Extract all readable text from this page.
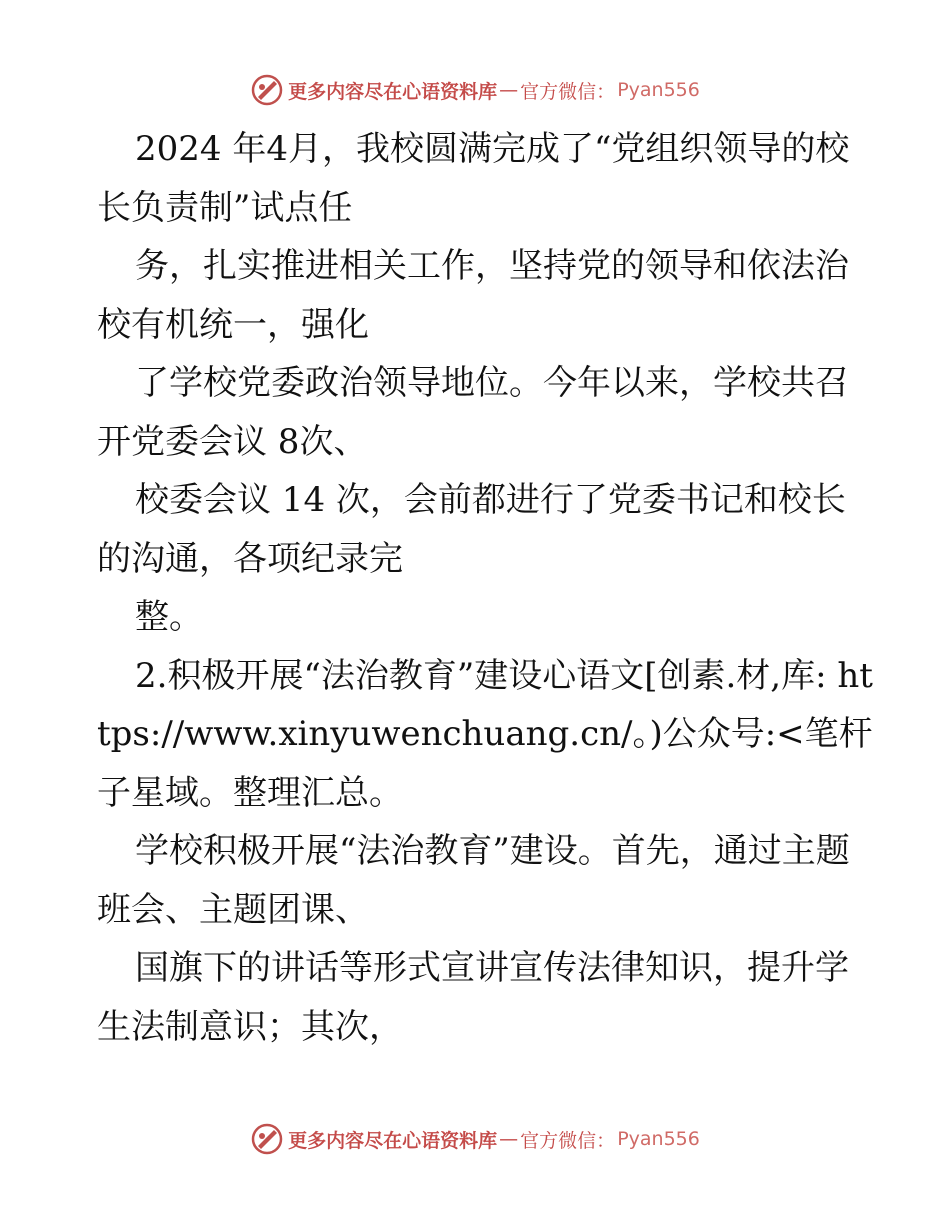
更多内容尽在心语资料库 — 官方微信： Pyan556

2024 年4月，我校圆满完成了“党组织领导的校长负责制”试点任

务，扎实推进相关工作，坚持党的领导和依法治校有机统一，强化

了学校党委政治领导地位。今年以来，学校共召开党委会议 8次、

校委会议 14 次，会前都进行了党委书记和校长的沟通，各项纪录完

整。

2.积极开展“法治教育”建设心语文[创素.材,库: https://www.xinyuwenchuang.cn/。)公众号:<笔杆子星域。整理汇总。

学校积极开展“法治教育”建设。首先，通过主题班会、主题团课、

国旗下的讲话等形式宣讲宣传法律知识，提升学生法制意识；其次，

更多内容尽在心语资料库 — 官方微信： Pyan556
